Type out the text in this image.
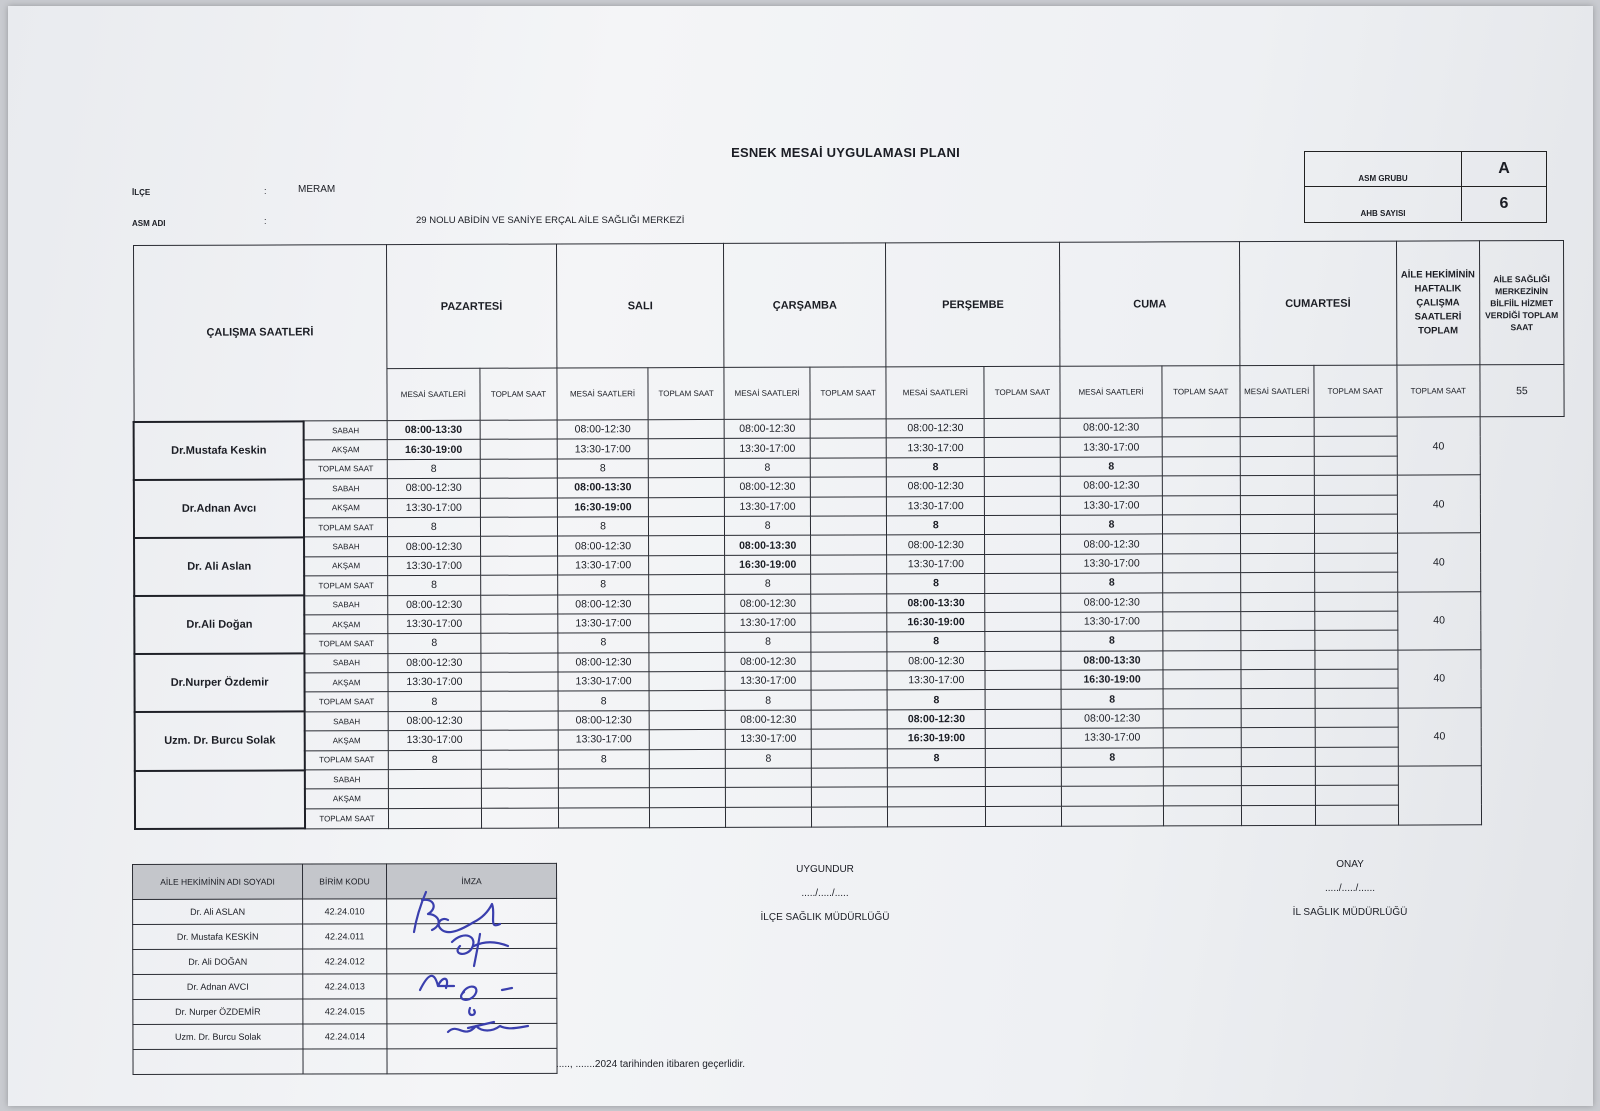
ESNEK MESAİ UYGULAMASI PLANI
İLÇE	:	MERAM
ASM ADI	:	29 NOLU ABİDİN VE SANİYE ERÇAL AİLE SAĞLIĞI MERKEZİ
ASM GRUBU
A
AHB SAYISI
6
ÇALIŞMA SAATLERİ		PAZARTESİ		SALI		ÇARŞAMBA		PERŞEMBE		CUMA		CUMARTESİ		AİLE HEKİMİNİN HAFTALIK ÇALIŞMA SAATLERİ TOPLAM	AİLE SAĞLIĞI MERKEZİNİN BİLFİİL HİZMET VERDİĞİ TOPLAM SAAT
		MESAİ SAATLERİ	TOPLAM SAAT	MESAİ SAATLERİ	TOPLAM SAAT	MESAİ SAATLERİ	TOPLAM SAAT	MESAİ SAATLERİ	TOPLAM SAAT	MESAİ SAATLERİ	TOPLAM SAAT	MESAİ SAATLERİ	TOPLAM SAAT	TOPLAM SAAT	55
Dr.Mustafa Keskin	SABAH	08:00-13:30		08:00-12:30		08:00-12:30		08:00-12:30		08:00-12:30				40	
	AKŞAM	16:30-19:00		13:30-17:00		13:30-17:00		13:30-17:00		13:30-17:00					
	TOPLAM SAAT	8		8		8		8		8					
Dr.Adnan Avcı	SABAH	08:00-12:30		08:00-13:30		08:00-12:30		08:00-12:30		08:00-12:30				40	
	AKŞAM	13:30-17:00		16:30-19:00		13:30-17:00		13:30-17:00		13:30-17:00					
	TOPLAM SAAT	8		8		8		8		8					
Dr. Ali Aslan	SABAH	08:00-12:30		08:00-12:30		08:00-13:30		08:00-12:30		08:00-12:30				40	
	AKŞAM	13:30-17:00		13:30-17:00		16:30-19:00		13:30-17:00		13:30-17:00					
	TOPLAM SAAT	8		8		8		8		8					
Dr.Ali Doğan	SABAH	08:00-12:30		08:00-12:30		08:00-12:30		08:00-13:30		08:00-12:30				40	
	AKŞAM	13:30-17:00		13:30-17:00		13:30-17:00		16:30-19:00		13:30-17:00					
	TOPLAM SAAT	8		8		8		8		8					
Dr.Nurper Özdemir	SABAH	08:00-12:30		08:00-12:30		08:00-12:30		08:00-12:30		08:00-13:30				40	
	AKŞAM	13:30-17:00		13:30-17:00		13:30-17:00		13:30-17:00		16:30-19:00					
	TOPLAM SAAT	8		8		8		8		8					
Uzm. Dr. Burcu Solak	SABAH	08:00-12:30		08:00-12:30		08:00-12:30		08:00-12:30		08:00-12:30				40	
	AKŞAM	13:30-17:00		13:30-17:00		13:30-17:00		16:30-19:00		13:30-17:00					
	TOPLAM SAAT	8		8		8		8		8					
	SABAH														
	AKŞAM														
	TOPLAM SAAT														
AİLE HEKİMİNİN ADI SOYADI	BİRİM KODU	İMZA
Dr. Ali ASLAN	42.24.010	
Dr. Mustafa KESKİN	42.24.011	
Dr. Ali DOĞAN	42.24.012	
Dr. Adnan AVCI	42.24.013	
Dr. Nurper ÖZDEMİR	42.24.015	
Uzm. Dr. Burcu Solak	42.24.014	

UYGUNDUR
...../...../.....
İLÇE SAĞLIK MÜDÜRLÜĞÜ
ONAY
...../...../......
İL SAĞLIK MÜDÜRLÜĞÜ
....., .......2024 tarihinden itibaren geçerlidir.
